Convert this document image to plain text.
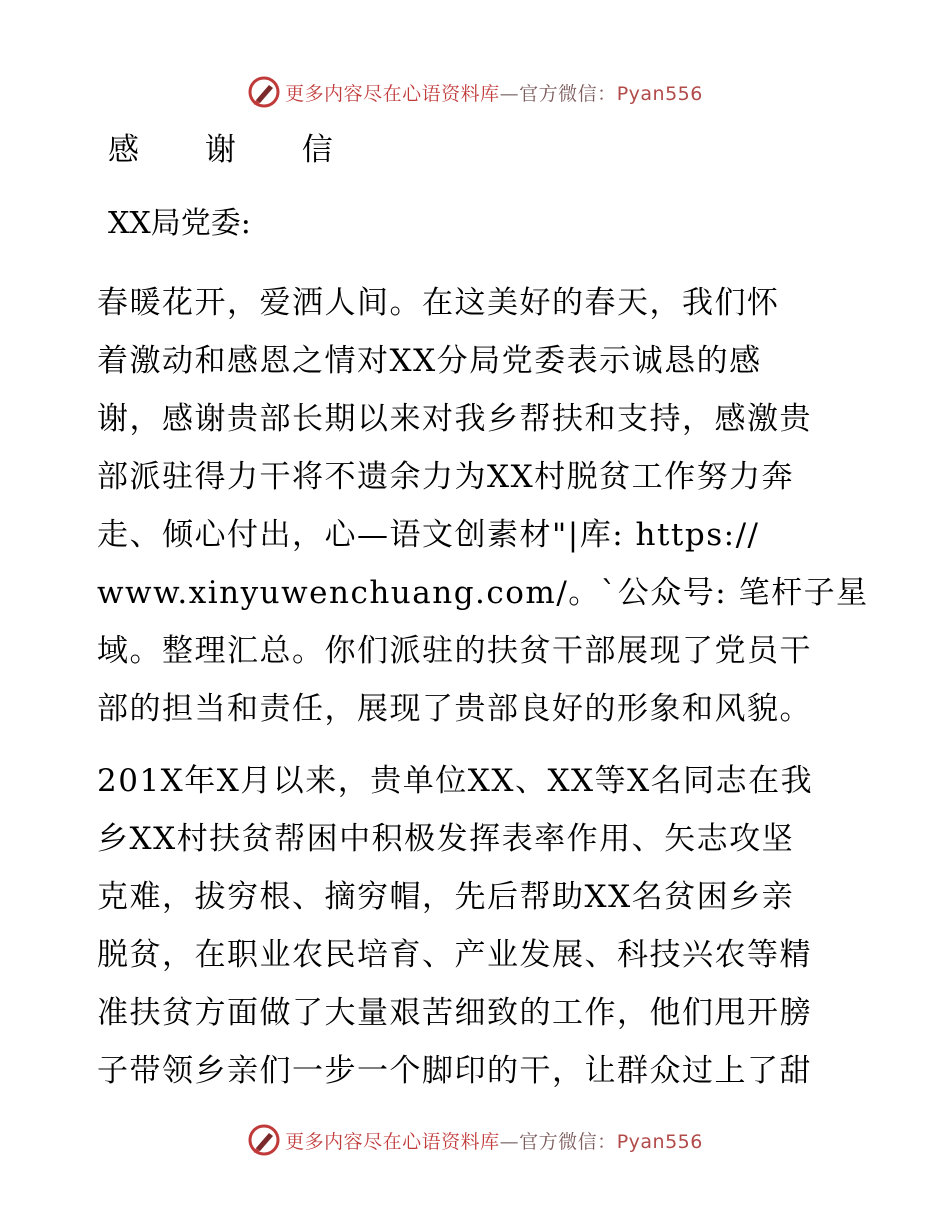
更多内容尽在心语资料库—官方微信：Pyan556
感 谢 信
XX局党委:
春暖花开，爱洒人间。在这美好的春天，我们怀
着激动和感恩之情对XX分局党委表示诚恳的感
谢，感谢贵部长期以来对我乡帮扶和支持，感激贵
部派驻得力干将不遗余力为XX村脱贫工作努力奔
走、倾心付出，心—语文创素材"|库: https://
www.xinyuwenchuang.com/。`公众号: 笔杆子星
域。整理汇总。你们派驻的扶贫干部展现了党员干
部的担当和责任，展现了贵部良好的形象和风貌。
201X年X月以来，贵单位XX、XX等X名同志在我
乡XX村扶贫帮困中积极发挥表率作用、矢志攻坚
克难，拔穷根、摘穷帽，先后帮助XX名贫困乡亲
脱贫，在职业农民培育、产业发展、科技兴农等精
准扶贫方面做了大量艰苦细致的工作，他们甩开膀
子带领乡亲们一步一个脚印的干，让群众过上了甜
更多内容尽在心语资料库—官方微信：Pyan556
